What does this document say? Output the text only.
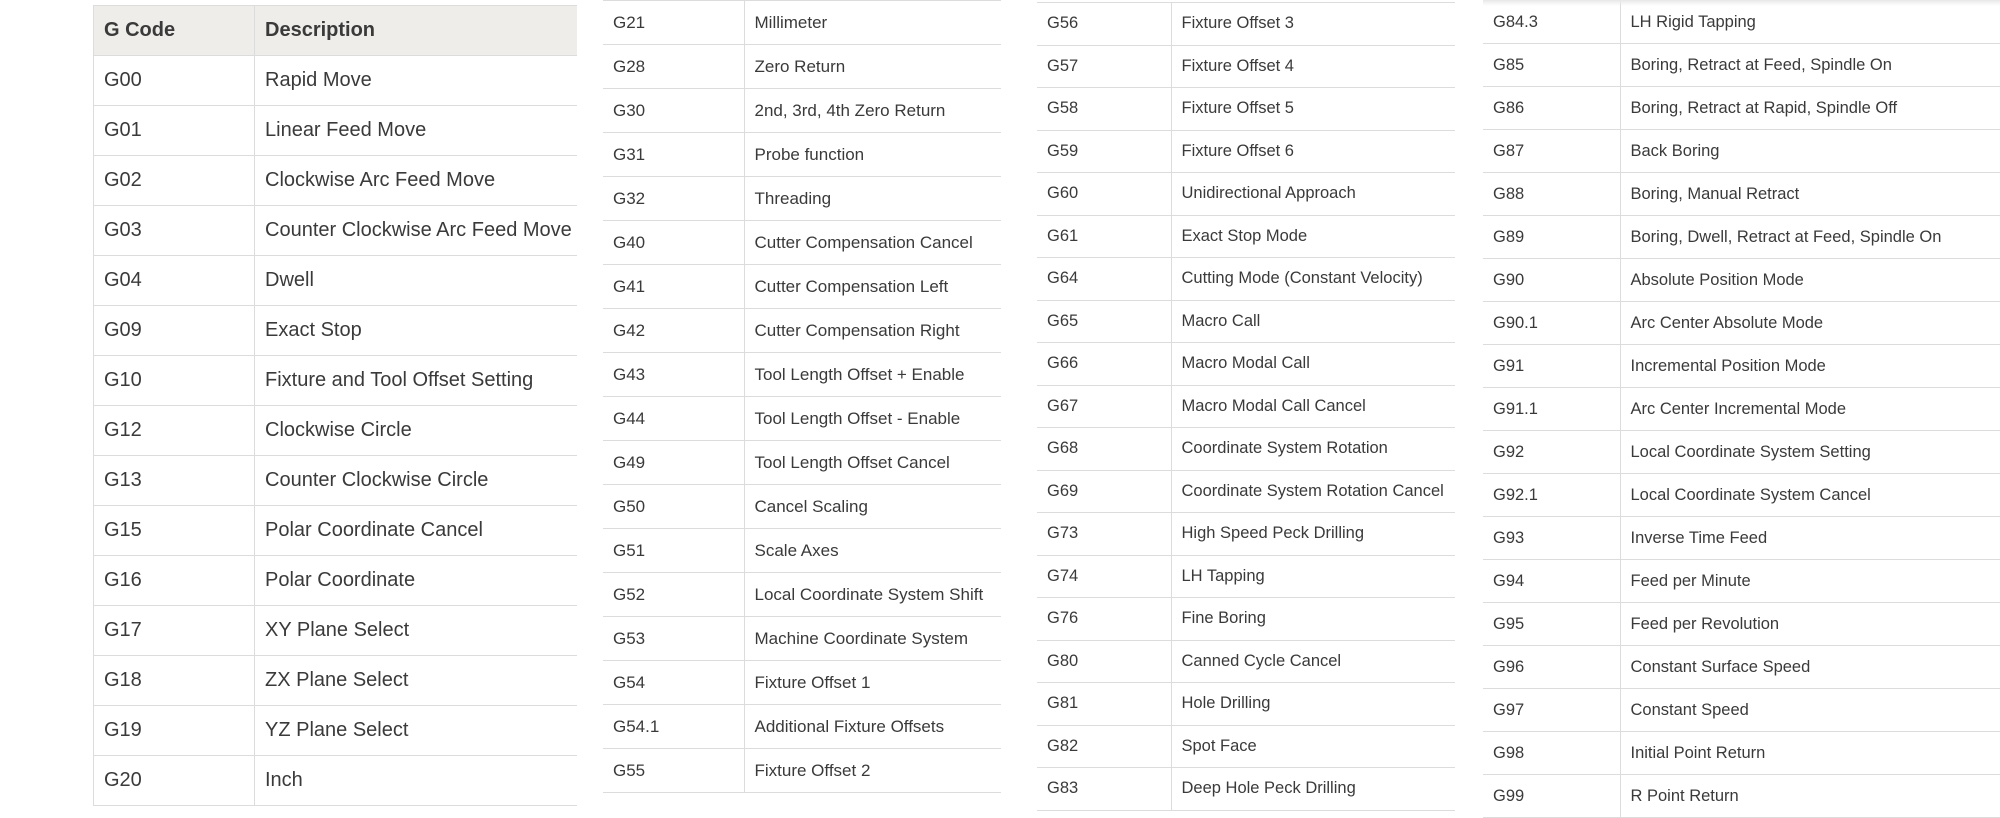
G Code	Description
G00	Rapid Move
G01	Linear Feed Move
G02	Clockwise Arc Feed Move
G03	Counter Clockwise Arc Feed Move
G04	Dwell
G09	Exact Stop
G10	Fixture and Tool Offset Setting
G12	Clockwise Circle
G13	Counter Clockwise Circle
G15	Polar Coordinate Cancel
G16	Polar Coordinate
G17	XY Plane Select
G18	ZX Plane Select
G19	YZ Plane Select
G20	Inch
G21	Millimeter
G28	Zero Return
G30	2nd, 3rd, 4th Zero Return
G31	Probe function
G32	Threading
G40	Cutter Compensation Cancel
G41	Cutter Compensation Left
G42	Cutter Compensation Right
G43	Tool Length Offset + Enable
G44	Tool Length Offset - Enable
G49	Tool Length Offset Cancel
G50	Cancel Scaling
G51	Scale Axes
G52	Local Coordinate System Shift
G53	Machine Coordinate System
G54	Fixture Offset 1
G54.1	Additional Fixture Offsets
G55	Fixture Offset 2
G56	Fixture Offset 3
G57	Fixture Offset 4
G58	Fixture Offset 5
G59	Fixture Offset 6
G60	Unidirectional Approach
G61	Exact Stop Mode
G64	Cutting Mode (Constant Velocity)
G65	Macro Call
G66	Macro Modal Call
G67	Macro Modal Call Cancel
G68	Coordinate System Rotation
G69	Coordinate System Rotation Cancel
G73	High Speed Peck Drilling
G74	LH Tapping
G76	Fine Boring
G80	Canned Cycle Cancel
G81	Hole Drilling
G82	Spot Face
G83	Deep Hole Peck Drilling
G84.3	LH Rigid Tapping
G85	Boring, Retract at Feed, Spindle On
G86	Boring, Retract at Rapid, Spindle Off
G87	Back Boring
G88	Boring, Manual Retract
G89	Boring, Dwell, Retract at Feed, Spindle On
G90	Absolute Position Mode
G90.1	Arc Center Absolute Mode
G91	Incremental Position Mode
G91.1	Arc Center Incremental Mode
G92	Local Coordinate System Setting
G92.1	Local Coordinate System Cancel
G93	Inverse Time Feed
G94	Feed per Minute
G95	Feed per Revolution
G96	Constant Surface Speed
G97	Constant Speed
G98	Initial Point Return
G99	R Point Return
